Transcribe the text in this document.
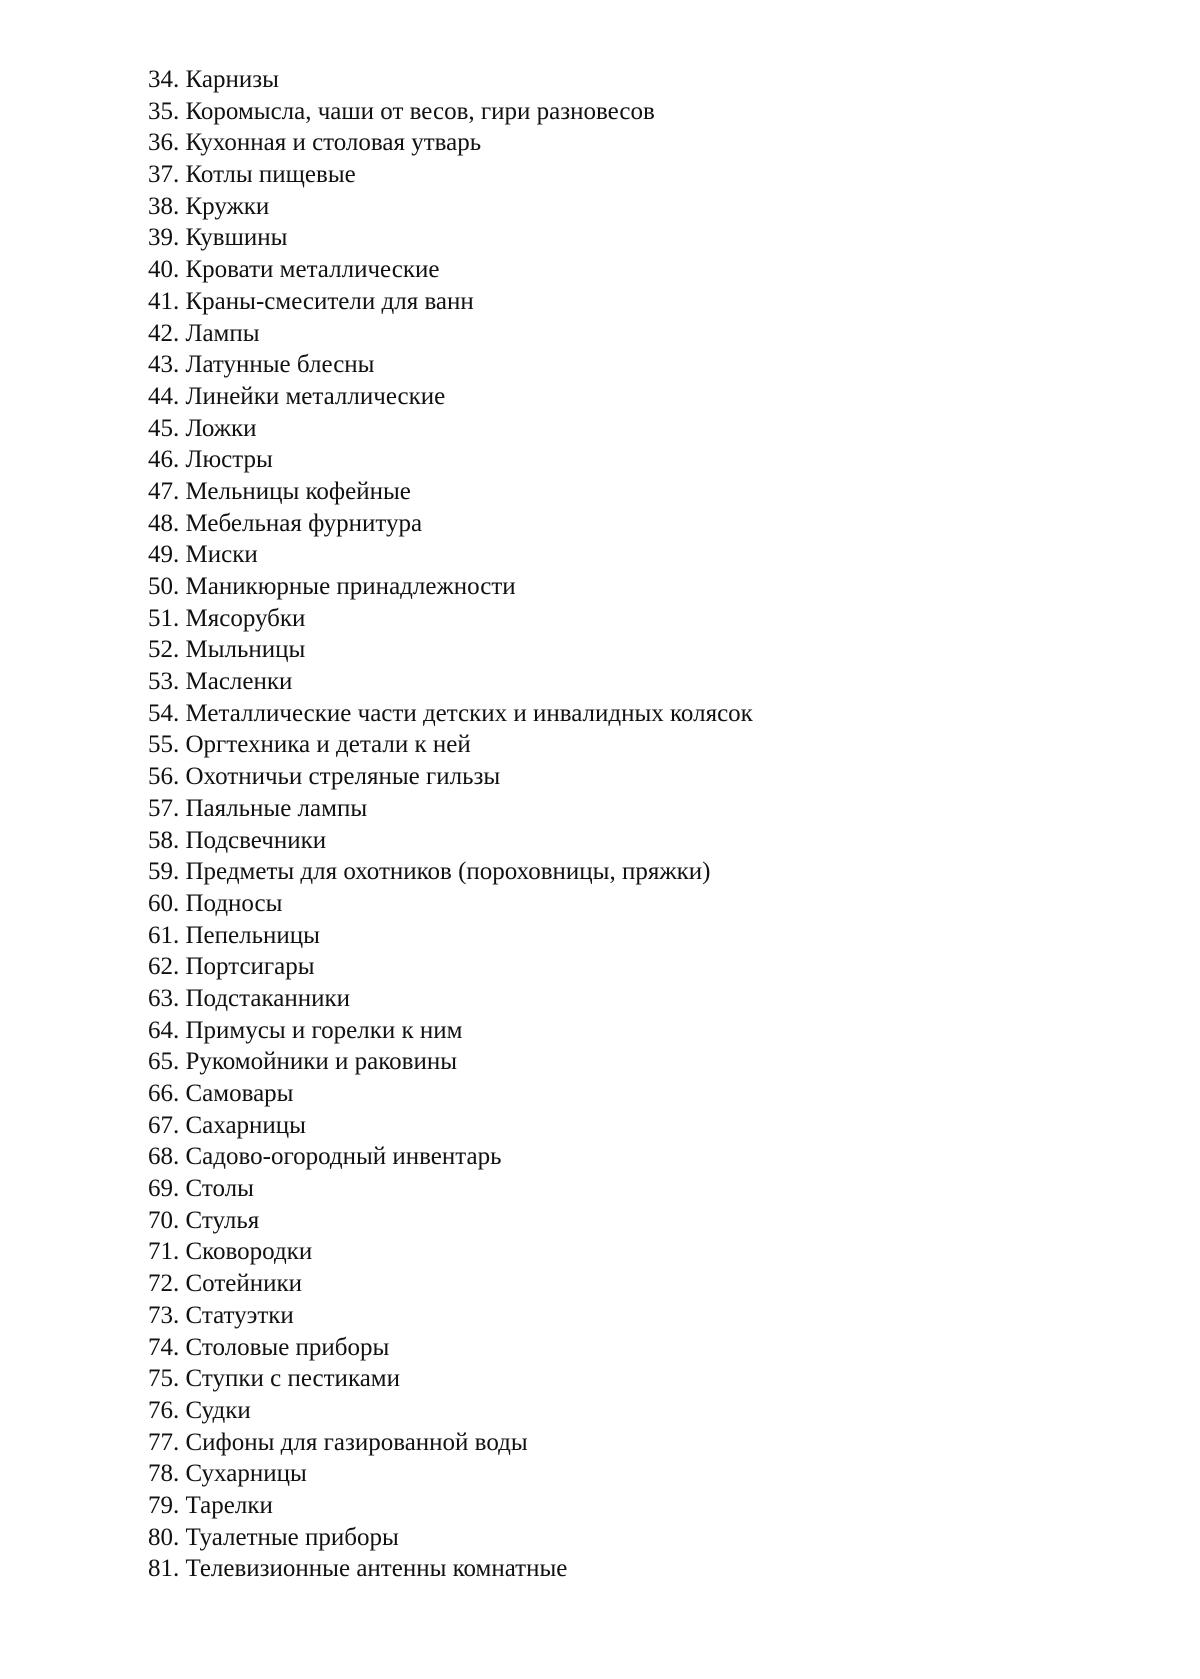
34. Карнизы
35. Коромысла, чаши от весов, гири разновесов
36. Кухонная и столовая утварь
37. Котлы пищевые
38. Кружки
39. Кувшины
40. Кровати металлические
41. Краны-смесители для ванн
42. Лампы
43. Латунные блесны
44. Линейки металлические
45. Ложки
46. Люстры
47. Мельницы кофейные
48. Мебельная фурнитура
49. Миски
50. Маникюрные принадлежности
51. Мясорубки
52. Мыльницы
53. Масленки
54. Металлические части детских и инвалидных колясок
55. Оргтехника и детали к ней
56. Охотничьи стреляные гильзы
57. Паяльные лампы
58. Подсвечники
59. Предметы для охотников (пороховницы, пряжки)
60. Подносы
61. Пепельницы
62. Портсигары
63. Подстаканники
64. Примусы и горелки к ним
65. Рукомойники и раковины
66. Самовары
67. Сахарницы
68. Садово-огородный инвентарь
69. Столы
70. Стулья
71. Сковородки
72. Сотейники
73. Статуэтки
74. Столовые приборы
75. Ступки с пестиками
76. Судки
77. Сифоны для газированной воды
78. Сухарницы
79. Тарелки
80. Туалетные приборы
81. Телевизионные антенны комнатные
